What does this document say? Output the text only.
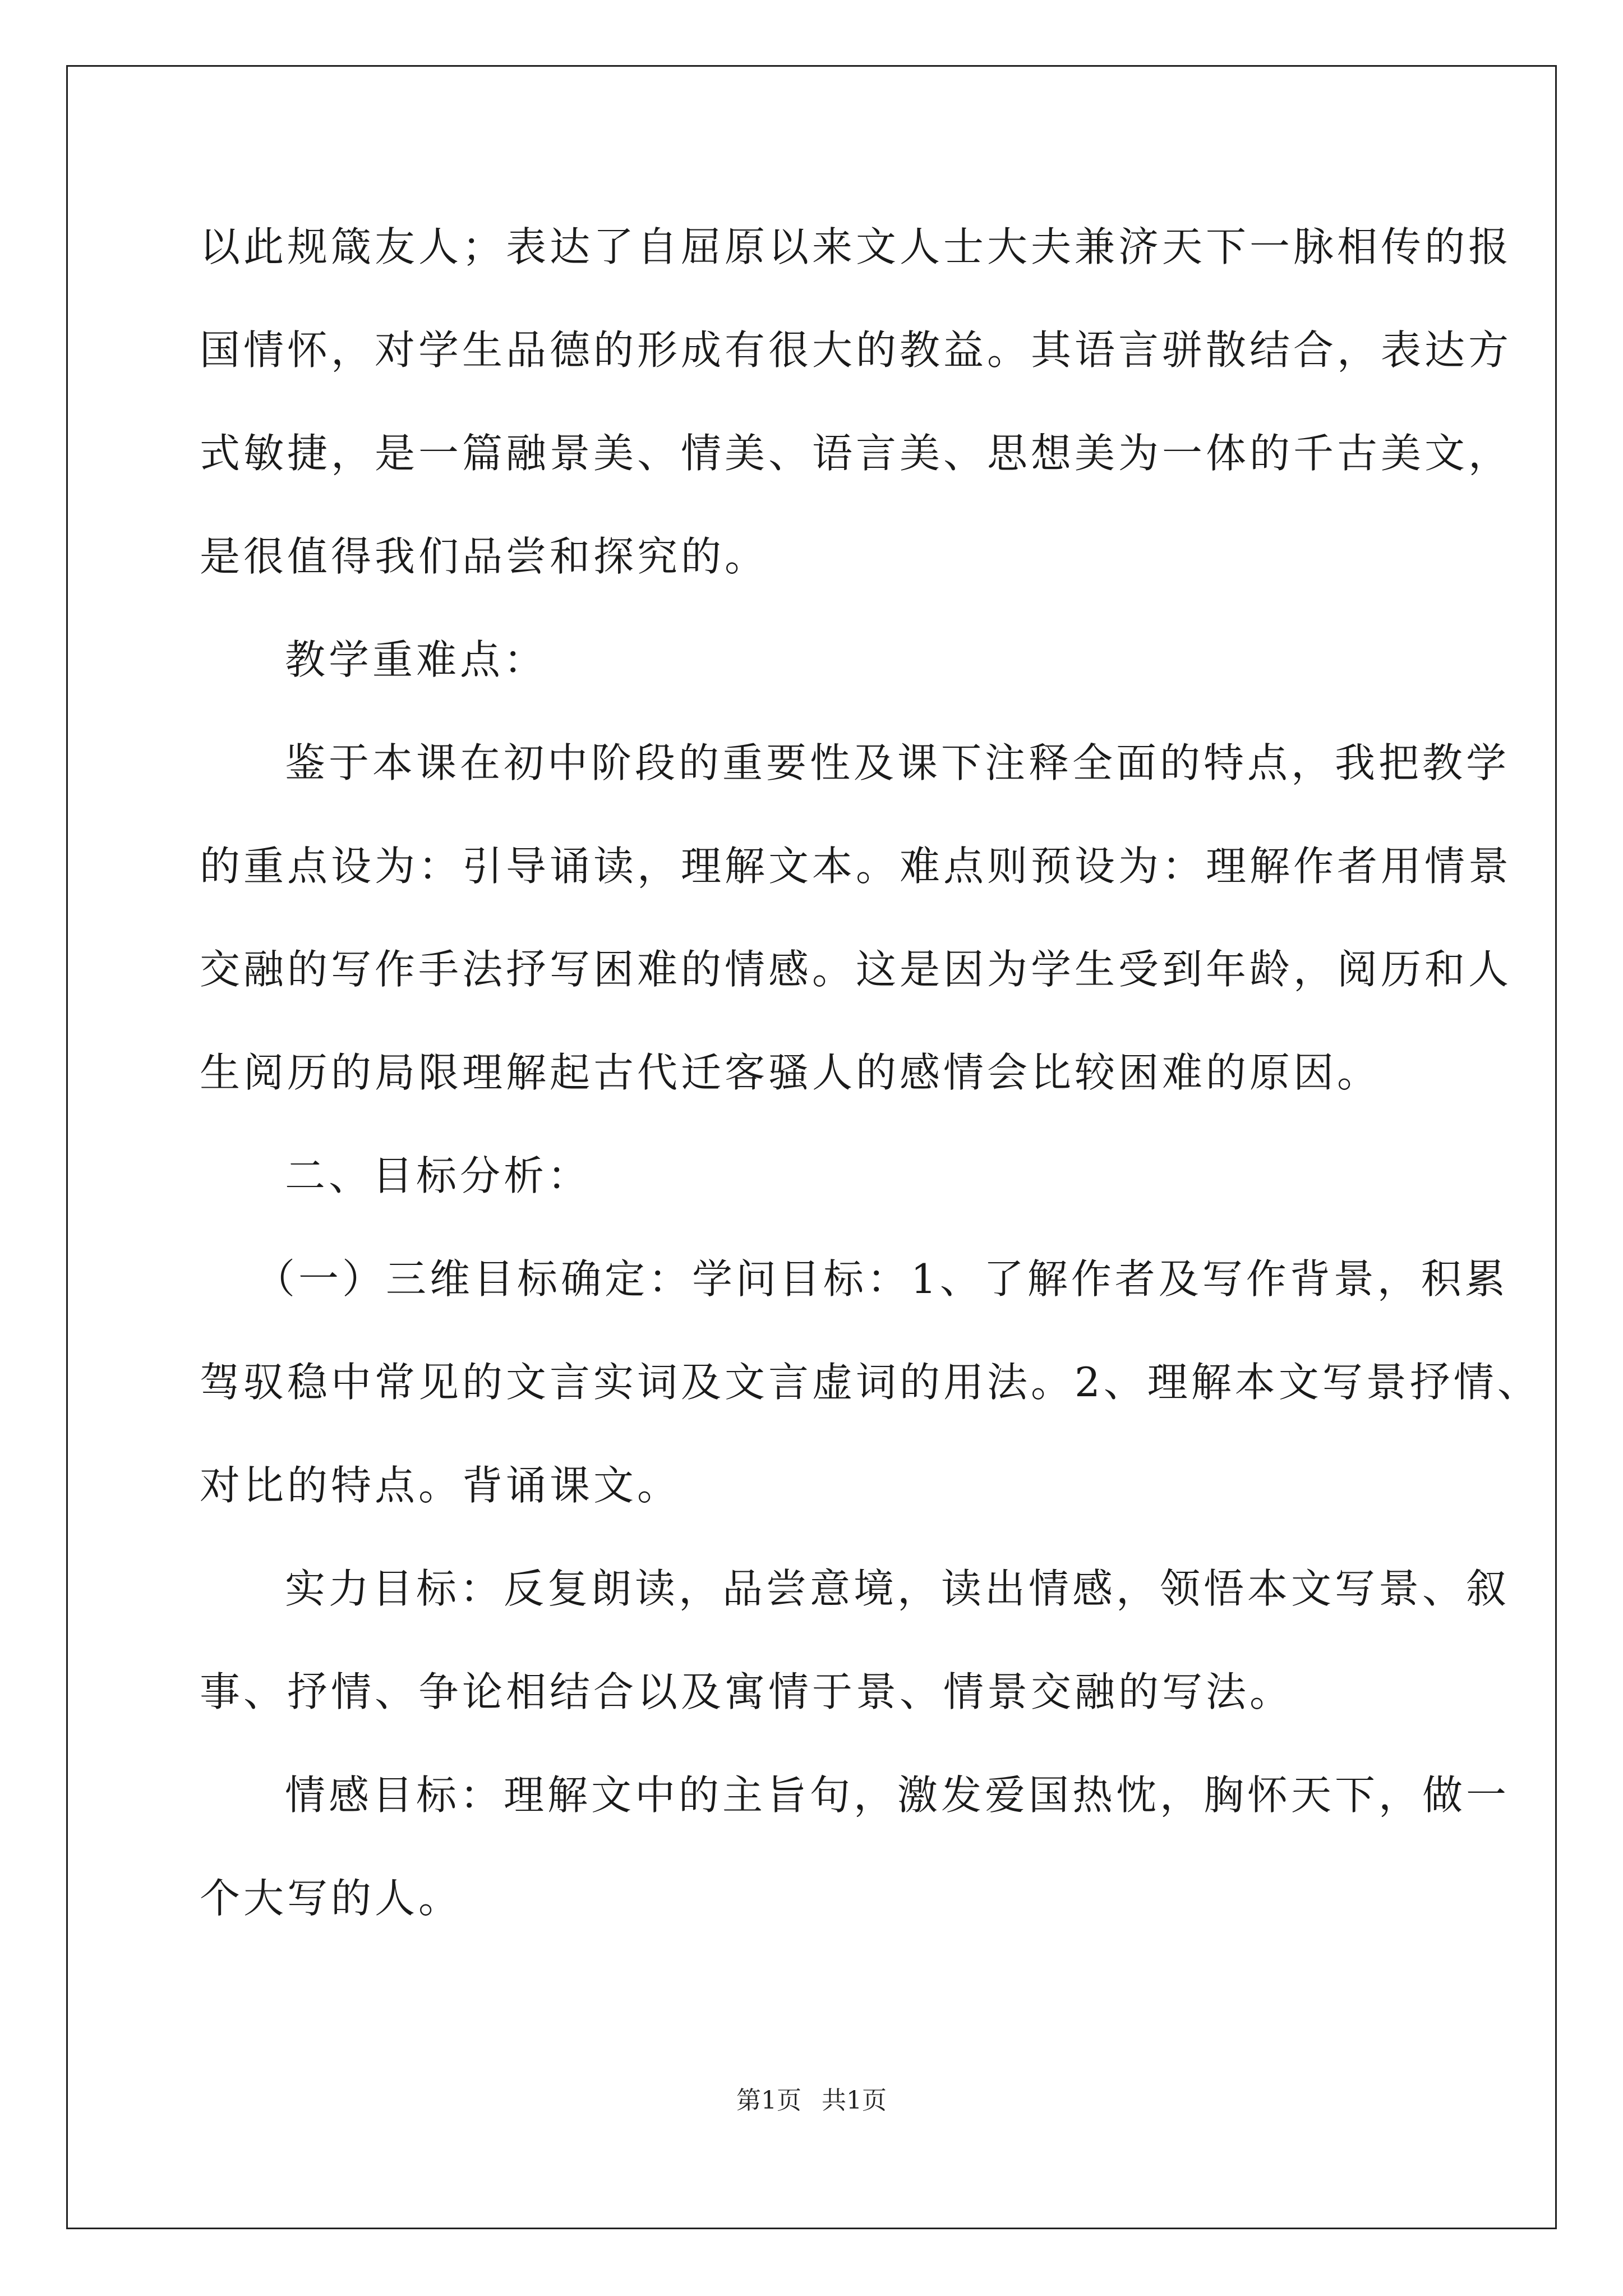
以此规箴友人；表达了自屈原以来文人士大夫兼济天下一脉相传的报
国情怀，对学生品德的形成有很大的教益。其语言骈散结合，表达方
式敏捷，是一篇融景美、情美、语言美、思想美为一体的千古美文，
是很值得我们品尝和探究的。
教学重难点：
鉴于本课在初中阶段的重要性及课下注释全面的特点，我把教学
的重点设为：引导诵读，理解文本。难点则预设为：理解作者用情景
交融的写作手法抒写困难的情感。这是因为学生受到年龄，阅历和人
生阅历的局限理解起古代迁客骚人的感情会比较困难的原因。
二、目标分析：
（一）三维目标确定：学问目标：1、了解作者及写作背景，积累
驾驭稳中常见的文言实词及文言虚词的用法。2、理解本文写景抒情、
对比的特点。背诵课文。
实力目标：反复朗读，品尝意境，读出情感，领悟本文写景、叙
事、抒情、争论相结合以及寓情于景、情景交融的写法。
情感目标：理解文中的主旨句，激发爱国热忱，胸怀天下，做一
个大写的人。
第1页 共1页
